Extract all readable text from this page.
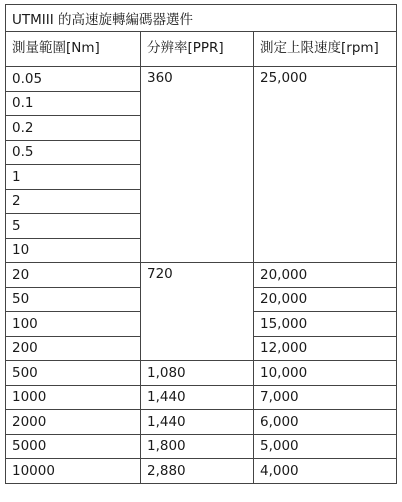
UTMIII 的高速旋轉編碼器選件		
測量範圍[Nm]	分辨率[PPR]	測定上限速度[rpm]

0.05	360	25,000
0.1		
0.2		
0.5		
1		
2		
5		
10		
20	720	20,000
50		20,000
100		15,000
200		12,000
500	1,080	10,000
1000	1,440	7,000
2000	1,440	6,000
5000	1,800	5,000
10000	2,880	4,000
